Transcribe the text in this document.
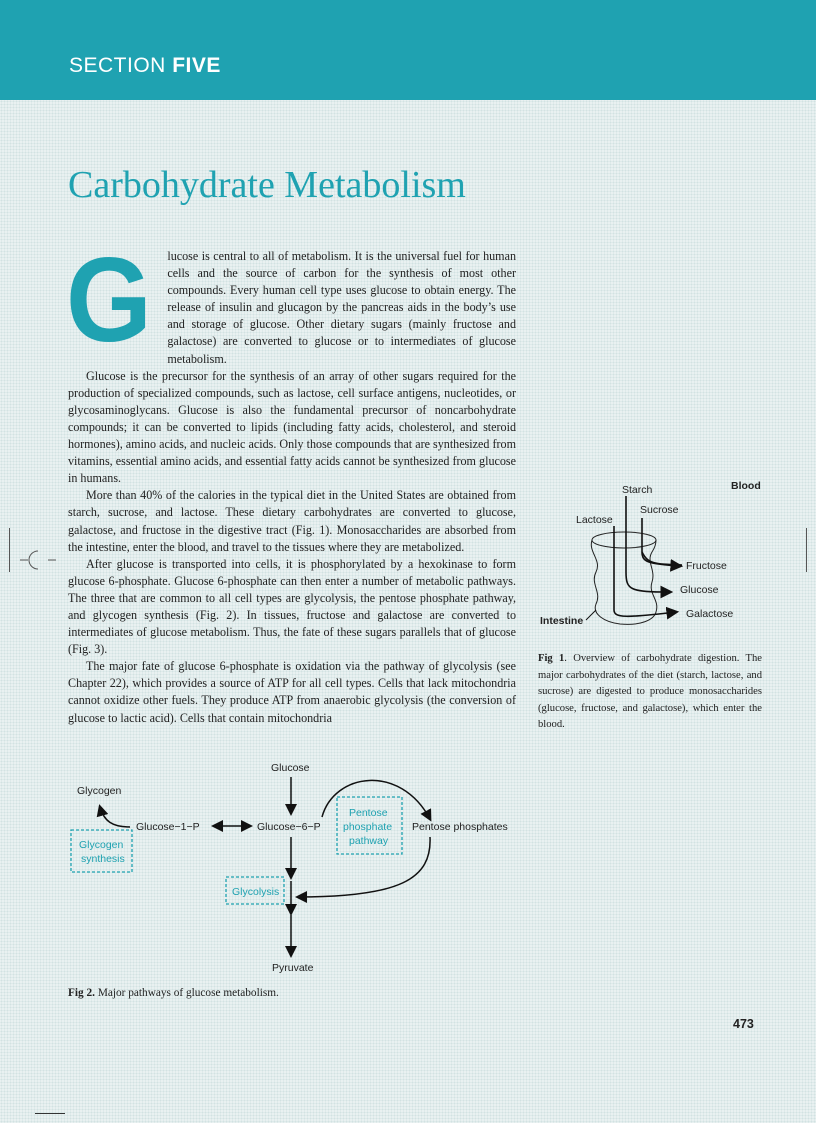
SECTION FIVE
Carbohydrate Metabolism

G lucose is central to all of metabolism. It is the universal fuel for human cells and the source of carbon for the synthesis of most other compounds. Every human cell type uses glucose to obtain energy. The release of insulin and glucagon by the pancreas aids in the body’s use and storage of glucose. Other dietary sugars (mainly fructose and galactose) are converted to glucose or to intermediates of glucose metabolism.

Glucose is the precursor for the synthesis of an array of other sugars required for the production of specialized compounds, such as lactose, cell surface antigens, nucleotides, or glycosaminoglycans. Glucose is also the fundamental precursor of noncarbohydrate compounds; it can be converted to lipids (including fatty acids, cholesterol, and steroid hormones), amino acids, and nucleic acids. Only those compounds that are synthesized from vitamins, essential amino acids, and essential fatty acids cannot be synthesized from glucose in humans.

More than 40% of the calories in the typical diet in the United States are obtained from starch, sucrose, and lactose. These dietary carbohydrates are converted to glucose, galactose, and fructose in the digestive tract (Fig. 1). Monosaccharides are absorbed from the intestine, enter the blood, and travel to the tissues where they are metabolized.

After glucose is transported into cells, it is phosphorylated by a hexokinase to form glucose 6-phosphate. Glucose 6-phosphate can then enter a number of metabolic pathways. The three that are common to all cell types are glycolysis, the pentose phosphate pathway, and glycogen synthesis (Fig. 2). In tissues, fructose and galactose are converted to intermediates of glucose metabolism. Thus, the fate of these sugars parallels that of glucose (Fig. 3).

The major fate of glucose 6-phosphate is oxidation via the pathway of glycolysis (see Chapter 22), which provides a source of ATP for all cell types. Cells that lack mitochondria cannot oxidize other fuels. They produce ATP from anaerobic glycolysis (the conversion of glucose to lactic acid). Cells that contain mitochondria

Starch
Sucrose
Lactose
Blood
Fructose
Glucose
Galactose
Intestine
Fig 1. Overview of carbohydrate digestion. The major carbohydrates of the diet (starch, lactose, and sucrose) are digested to produce monosaccharides (glucose, fructose, and galactose), which enter the blood.
Glucose
Glucose−6−P
Glucose−1−P
Glycogen
Glycogen
synthesis
Pentose
phosphate
pathway
Pentose phosphates
Glycolysis
Pyruvate
Fig 2. Major pathways of glucose metabolism.
473
